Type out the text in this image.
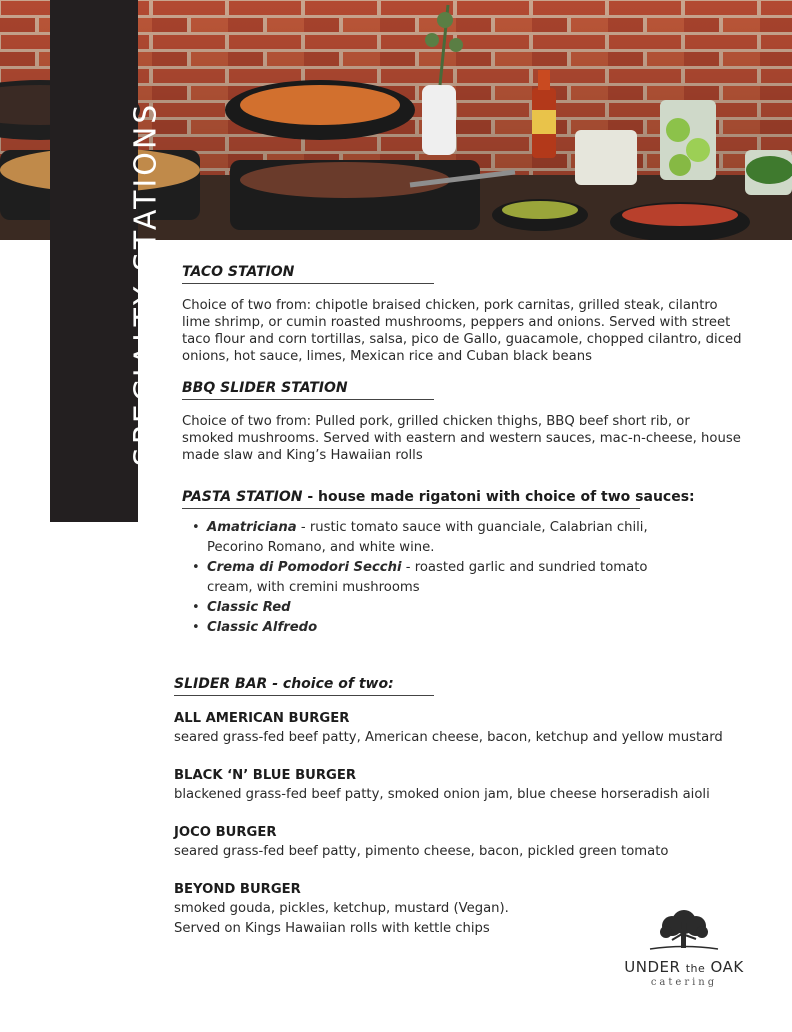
SPECIALTY STATIONS TACO STATION
Choice of two from: chipotle braised chicken, pork carnitas, grilled steak, cilantro lime shrimp, or cumin roasted mushrooms, peppers and onions. Served with street taco flour and corn tortillas, salsa, pico de Gallo, guacamole, chopped cilantro, diced onions, hot sauce, limes, Mexican rice and Cuban black beans
BBQ SLIDER STATION
Choice of two from: Pulled pork, grilled chicken thighs, BBQ beef short rib, or smoked mushrooms. Served with eastern and western sauces, mac-n-cheese, house made slaw and King’s Hawaiian rolls
PASTA STATION - house made rigatoni with choice of two sauces:
• Amatriciana - rustic tomato sauce with guanciale, Calabrian chili, Pecorino Romano, and white wine.
• Crema di Pomodori Secchi - roasted garlic and sundried tomato cream, with cremini mushrooms
• Classic Red
• Classic Alfredo
SLIDER BAR - choice of two:
ALL AMERICAN BURGER
seared grass-fed beef patty, American cheese, bacon, ketchup and yellow mustard
BLACK ‘N’ BLUE BURGER
blackened grass-fed beef patty, smoked onion jam, blue cheese horseradish aioli
JOCO BURGER
seared grass-fed beef patty, pimento cheese, bacon, pickled green tomato
BEYOND BURGER
smoked gouda, pickles, ketchup, mustard (Vegan).
Served on Kings Hawaiian rolls with kettle chips
UNDER the OAK
catering
